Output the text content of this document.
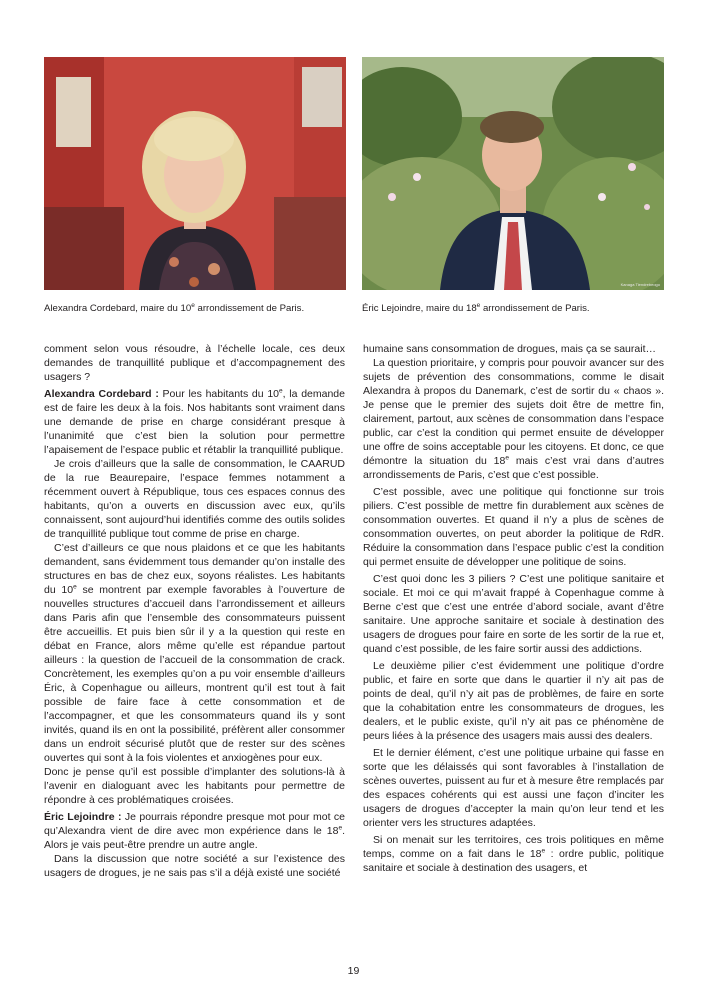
Kanaga Tiendrebeogo
Alexandra Cordebard, maire du 10e arrondissement de Paris.	Éric Lejoindre, maire du 18e arrondissement de Paris.

comment selon vous résoudre, à l’échelle locale, ces deux demandes de tranquillité publique et d’accompagnement des usagers ?

Alexandra Cordebard : Pour les habitants du 10e, la demande est de faire les deux à la fois. Nos habitants sont vraiment dans une demande de prise en charge considérant presque à l’unanimité que c’est bien la solution pour permettre l’apaisement de l’espace public et rétablir la tranquillité publique.

Je crois d’ailleurs que la salle de consommation, le CAARUD de la rue Beaurepaire, l’espace femmes notamment a récemment ouvert à République, tous ces espaces connus des habitants, qu’on a ouverts en discussion avec eux, qu’ils connaissent, sont aujourd’hui identifiés comme des outils solides de tranquillité publique tout comme de prise en charge.

C’est d’ailleurs ce que nous plaidons et ce que les habitants demandent, sans évidemment tous demander qu’on installe des structures en bas de chez eux, soyons réalistes. Les habitants du 10e se montrent par exemple favorables à l’ouverture de nouvelles structures d’accueil dans l’arrondissement et ailleurs dans Paris afin que l’ensemble des consommateurs puissent être accueillis. Et puis bien sûr il y a la question qui reste en débat en France, alors même qu’elle est répandue partout ailleurs : la question de l’accueil de la consommation de crack. Concrètement, les exemples qu’on a pu voir ensemble d’ailleurs Éric, à Copenhague ou ailleurs, montrent qu’il est tout à fait possible de faire face à cette consommation et de l’accompagner, et que les consommateurs quand ils y sont invités, quand ils en ont la possibilité, préfèrent aller consommer dans un endroit sécurisé plutôt que de rester sur des scènes ouvertes qui sont à la fois violentes et anxiogènes pour eux.

Donc je pense qu’il est possible d’implanter des solutions-là à l’avenir en dialoguant avec les habitants pour permettre de répondre à ces problématiques croisées.

Éric Lejoindre : Je pourrais répondre presque mot pour mot ce qu’Alexandra vient de dire avec mon expérience dans le 18e. Alors je vais peut-être prendre un autre angle.

Dans la discussion que notre société a sur l’existence des usagers de drogues, je ne sais pas s’il a déjà existé une société

humaine sans consommation de drogues, mais ça se saurait…

La question prioritaire, y compris pour pouvoir avancer sur des sujets de prévention des consommations, comme le disait Alexandra à propos du Danemark, c’est de sortir du « chaos ». Je pense que le premier des sujets doit être de mettre fin, clairement, partout, aux scènes de consommation dans l’espace public, car c’est la condition qui permet ensuite de développer une offre de soins acceptable pour les citoyens. Et donc, ce que démontre la situation du 18e mais c’est vrai dans d’autres arrondissements de Paris, c’est que c’est possible.

C’est possible, avec une politique qui fonctionne sur trois piliers. C’est possible de mettre fin durablement aux scènes de consommation ouvertes. Et quand il n’y a plus de scènes de consommation ouvertes, on peut aborder la politique de RdR. Réduire la consommation dans l’espace public c’est la condition qui permet ensuite de développer une politique de soins.

C’est quoi donc les 3 piliers ? C’est une politique sanitaire et sociale. Et moi ce qui m’avait frappé à Copenhague comme à Berne c’est que c’est une entrée d’abord sociale, avant d’être sanitaire. Une approche sanitaire et sociale à destination des usagers de drogues pour faire en sorte de les sortir de la rue et, quand c’est possible, de les faire sortir aussi des addictions.

Le deuxième pilier c’est évidemment une politique d’ordre public, et faire en sorte que dans le quartier il n’y ait pas de points de deal, qu’il n’y ait pas de problèmes, de faire en sorte que la cohabitation entre les consommateurs de drogues, les dealers, et le public existe, qu’il n’y ait pas ce phénomène de peurs liées à la présence des usagers mais aussi des dealers.

Et le dernier élément, c’est une politique urbaine qui fasse en sorte que les délaissés qui sont favorables à l’installation de scènes ouvertes, puissent au fur et à mesure être remplacés par des espaces cohérents qui est aussi une façon d’inciter les usagers de drogues d’accepter la main qu’on leur tend et les orienter vers les structures adaptées.

Si on menait sur les territoires, ces trois politiques en même temps, comme on a fait dans le 18e : ordre public, politique sanitaire et sociale à destination des usagers, et

19
